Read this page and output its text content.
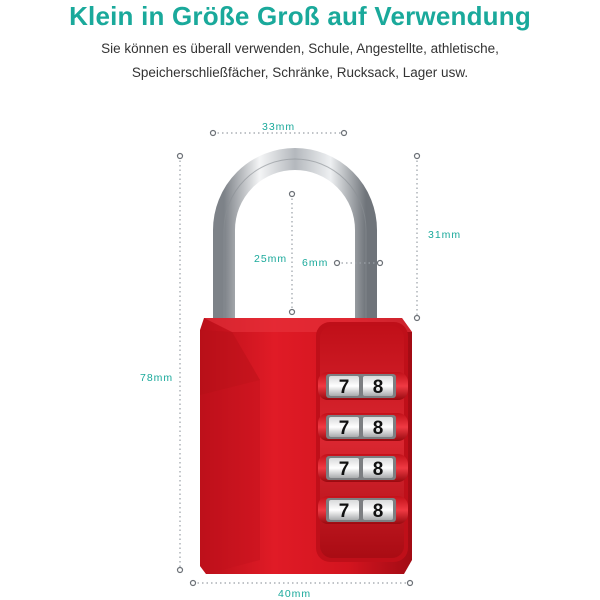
Klein in Größe Groß auf Verwendung
Sie können es überall verwenden, Schule, Angestellte, athletische,
Speicherschließfächer, Schränke, Rucksack, Lager usw.
7 8
7 8
7 8
7 8
33mm
31mm
25mm 6mm
78mm
40mm
